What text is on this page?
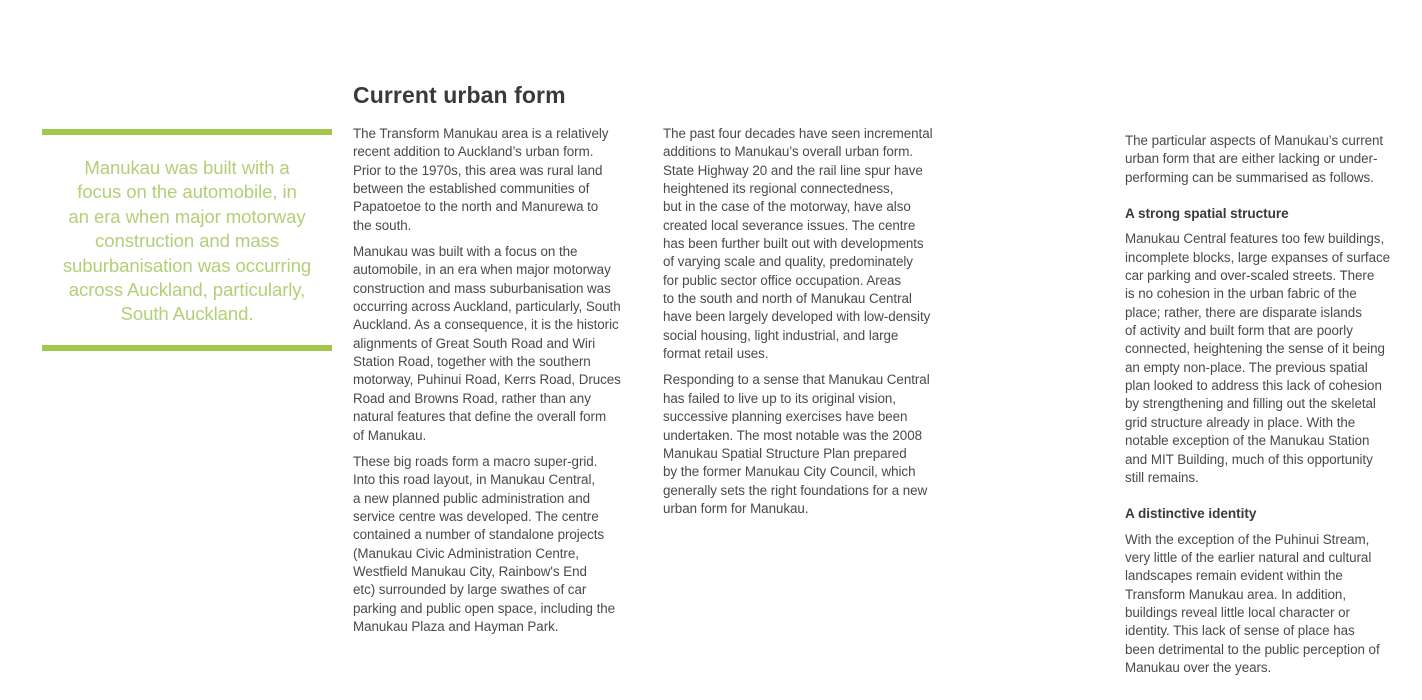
Manukau was built with a
focus on the automobile, in
an era when major motorway
construction and mass
suburbanisation was occurring
across Auckland, particularly,
South Auckland.
Current urban form

The Transform Manukau area is a relatively
recent addition to Auckland’s urban form.
Prior to the 1970s, this area was rural land
between the established communities of
Papatoetoe to the north and Manurewa to
the south.

Manukau was built with a focus on the
automobile, in an era when major motorway
construction and mass suburbanisation was
occurring across Auckland, particularly, South
Auckland. As a consequence, it is the historic
alignments of Great South Road and Wiri
Station Road, together with the southern
motorway, Puhinui Road, Kerrs Road, Druces
Road and Browns Road, rather than any
natural features that define the overall form
of Manukau.

These big roads form a macro super-grid.
Into this road layout, in Manukau Central,
a new planned public administration and
service centre was developed. The centre
contained a number of standalone projects
(Manukau Civic Administration Centre,
Westfield Manukau City, Rainbow's End
etc) surrounded by large swathes of car
parking and public open space, including the
Manukau Plaza and Hayman Park.

The past four decades have seen incremental
additions to Manukau’s overall urban form.
State Highway 20 and the rail line spur have
heightened its regional connectedness,
but in the case of the motorway, have also
created local severance issues. The centre
has been further built out with developments
of varying scale and quality, predominately
for public sector office occupation. Areas
to the south and north of Manukau Central
have been largely developed with low-density
social housing, light industrial, and large
format retail uses.

Responding to a sense that Manukau Central
has failed to live up to its original vision,
successive planning exercises have been
undertaken. The most notable was the 2008
Manukau Spatial Structure Plan prepared
by the former Manukau City Council, which
generally sets the right foundations for a new
urban form for Manukau.

The particular aspects of Manukau’s current
urban form that are either lacking or under-
performing can be summarised as follows.

A strong spatial structure

Manukau Central features too few buildings,
incomplete blocks, large expanses of surface
car parking and over-scaled streets. There
is no cohesion in the urban fabric of the
place; rather, there are disparate islands
of activity and built form that are poorly
connected, heightening the sense of it being
an empty non-place. The previous spatial
plan looked to address this lack of cohesion
by strengthening and filling out the skeletal
grid structure already in place. With the
notable exception of the Manukau Station
and MIT Building, much of this opportunity
still remains.

A distinctive identity

With the exception of the Puhinui Stream,
very little of the earlier natural and cultural
landscapes remain evident within the
Transform Manukau area. In addition,
buildings reveal little local character or
identity. This lack of sense of place has
been detrimental to the public perception of
Manukau over the years.
